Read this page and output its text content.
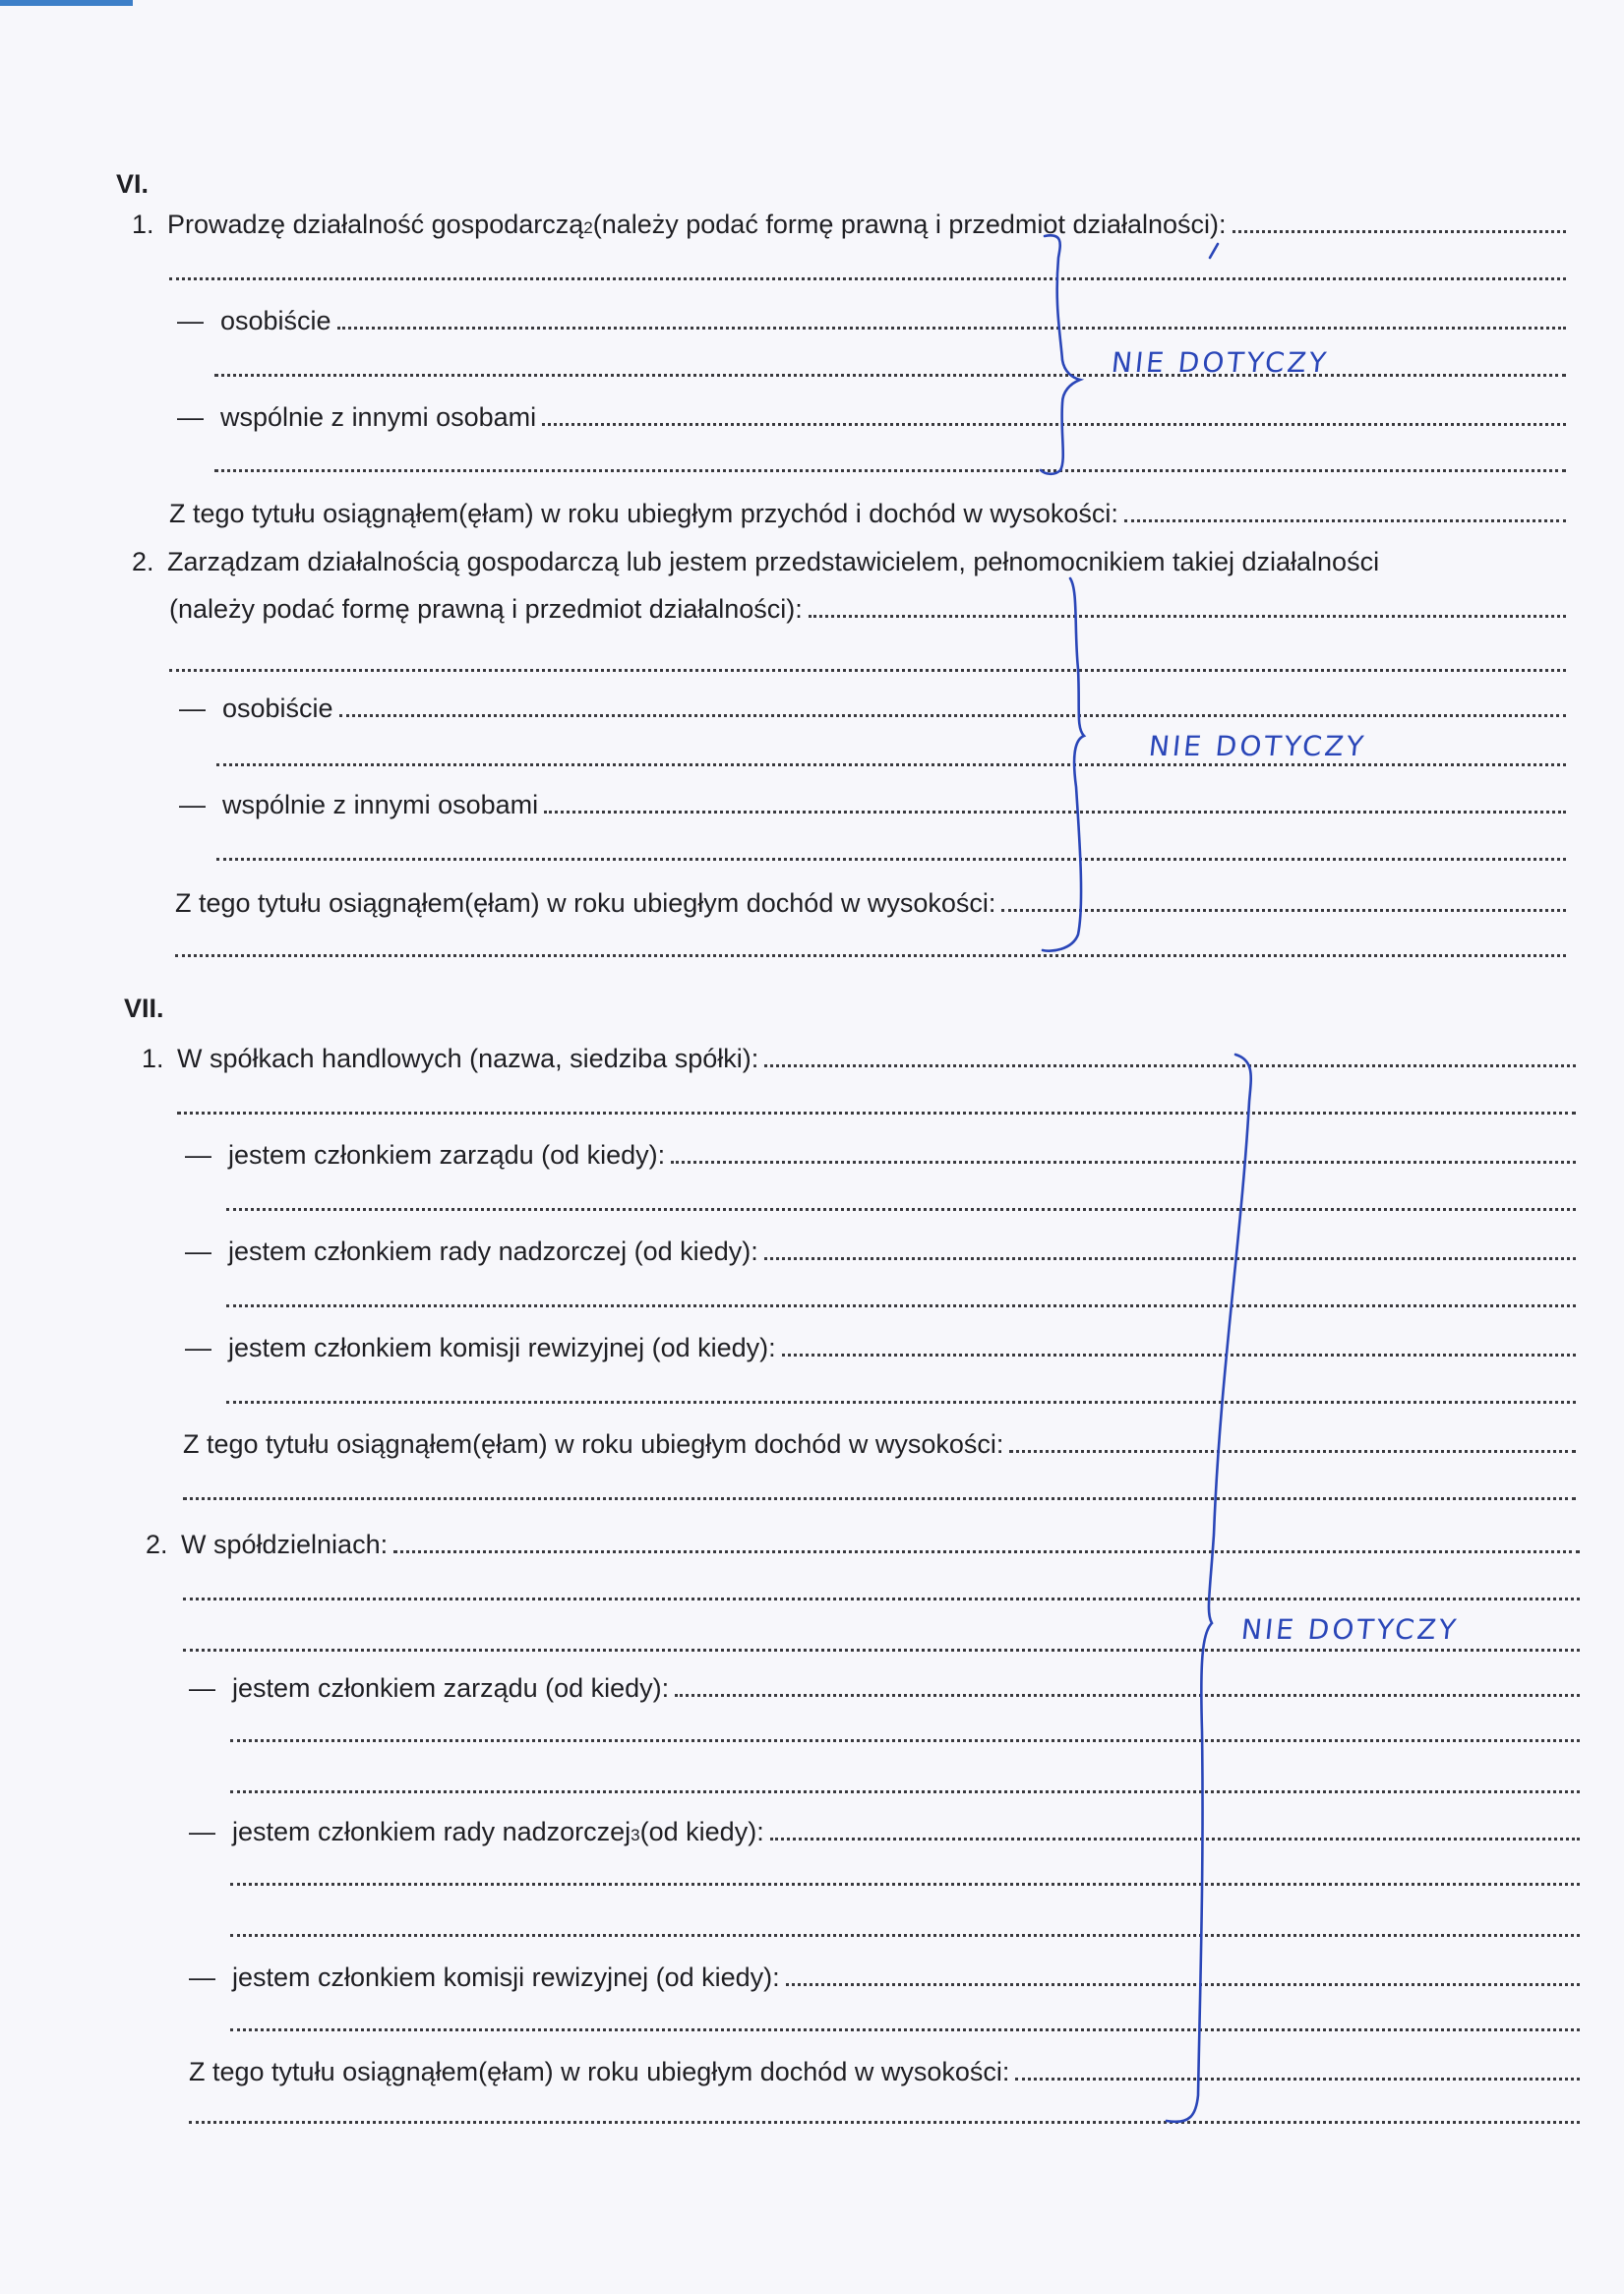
VI.
1. Prowadzę działalność gospodarczą 2 (należy podać formę prawną i przedmiot działalności):
— osobiście
— wspólnie z innymi osobami
Z tego tytułu osiągnąłem(ęłam) w roku ubiegłym przychód i dochód w wysokości:
2. Zarządzam działalnością gospodarczą lub jestem przedstawicielem, pełnomocnikiem takiej działalności
(należy podać formę prawną i przedmiot działalności):
— osobiście
— wspólnie z innymi osobami
Z tego tytułu osiągnąłem(ęłam) w roku ubiegłym dochód w wysokości:
VII.
1. W spółkach handlowych (nazwa, siedziba spółki):
— jestem członkiem zarządu (od kiedy):
— jestem członkiem rady nadzorczej (od kiedy):
— jestem członkiem komisji rewizyjnej (od kiedy):
Z tego tytułu osiągnąłem(ęłam) w roku ubiegłym dochód w wysokości:
2. W spółdzielniach:
— jestem członkiem zarządu (od kiedy):
— jestem członkiem rady nadzorczej 3 (od kiedy):
— jestem członkiem komisji rewizyjnej (od kiedy):
Z tego tytułu osiągnąłem(ęłam) w roku ubiegłym dochód w wysokości:
NIE DOTYCZY
NIE DOTYCZY
NIE DOTYCZY
